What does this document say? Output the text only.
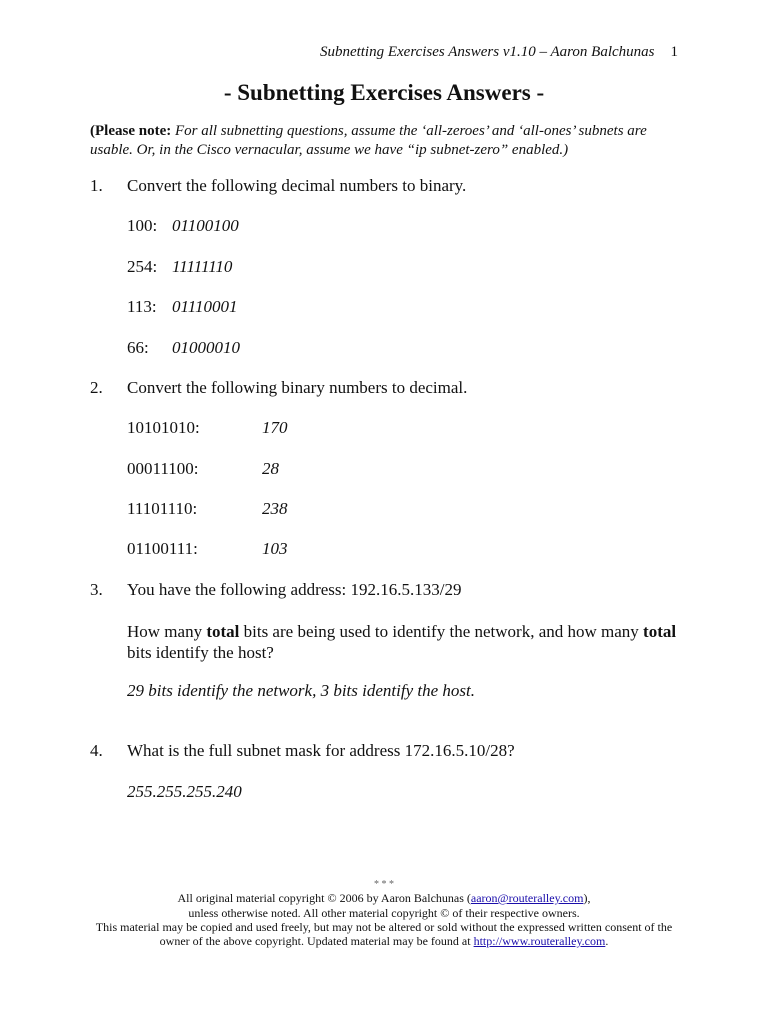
Subnetting Exercises Answers v1.10 – Aaron Balchunas 1
- Subnetting Exercises Answers -
(Please note: For all subnetting questions, assume the ‘all-zeroes’ and ‘all-ones’ subnets are usable. Or, in the Cisco vernacular, assume we have “ip subnet-zero” enabled.)
1. Convert the following decimal numbers to binary.
100: 01100100
254: 11111110
113: 01110001
66: 01000010
2. Convert the following binary numbers to decimal.
10101010:	170
00011100:	28
11101110:	238
01100111:	103
3. You have the following address: 192.16.5.133/29
How many total bits are being used to identify the network, and how many total bits identify the host?
29 bits identify the network, 3 bits identify the host.
4. What is the full subnet mask for address 172.16.5.10/28?
255.255.255.240
* * *
All original material copyright © 2006 by Aaron Balchunas (aaron@routeralley.com),
unless otherwise noted. All other material copyright © of their respective owners.
This material may be copied and used freely, but may not be altered or sold without the expressed written consent of the
owner of the above copyright. Updated material may be found at http://www.routeralley.com.
